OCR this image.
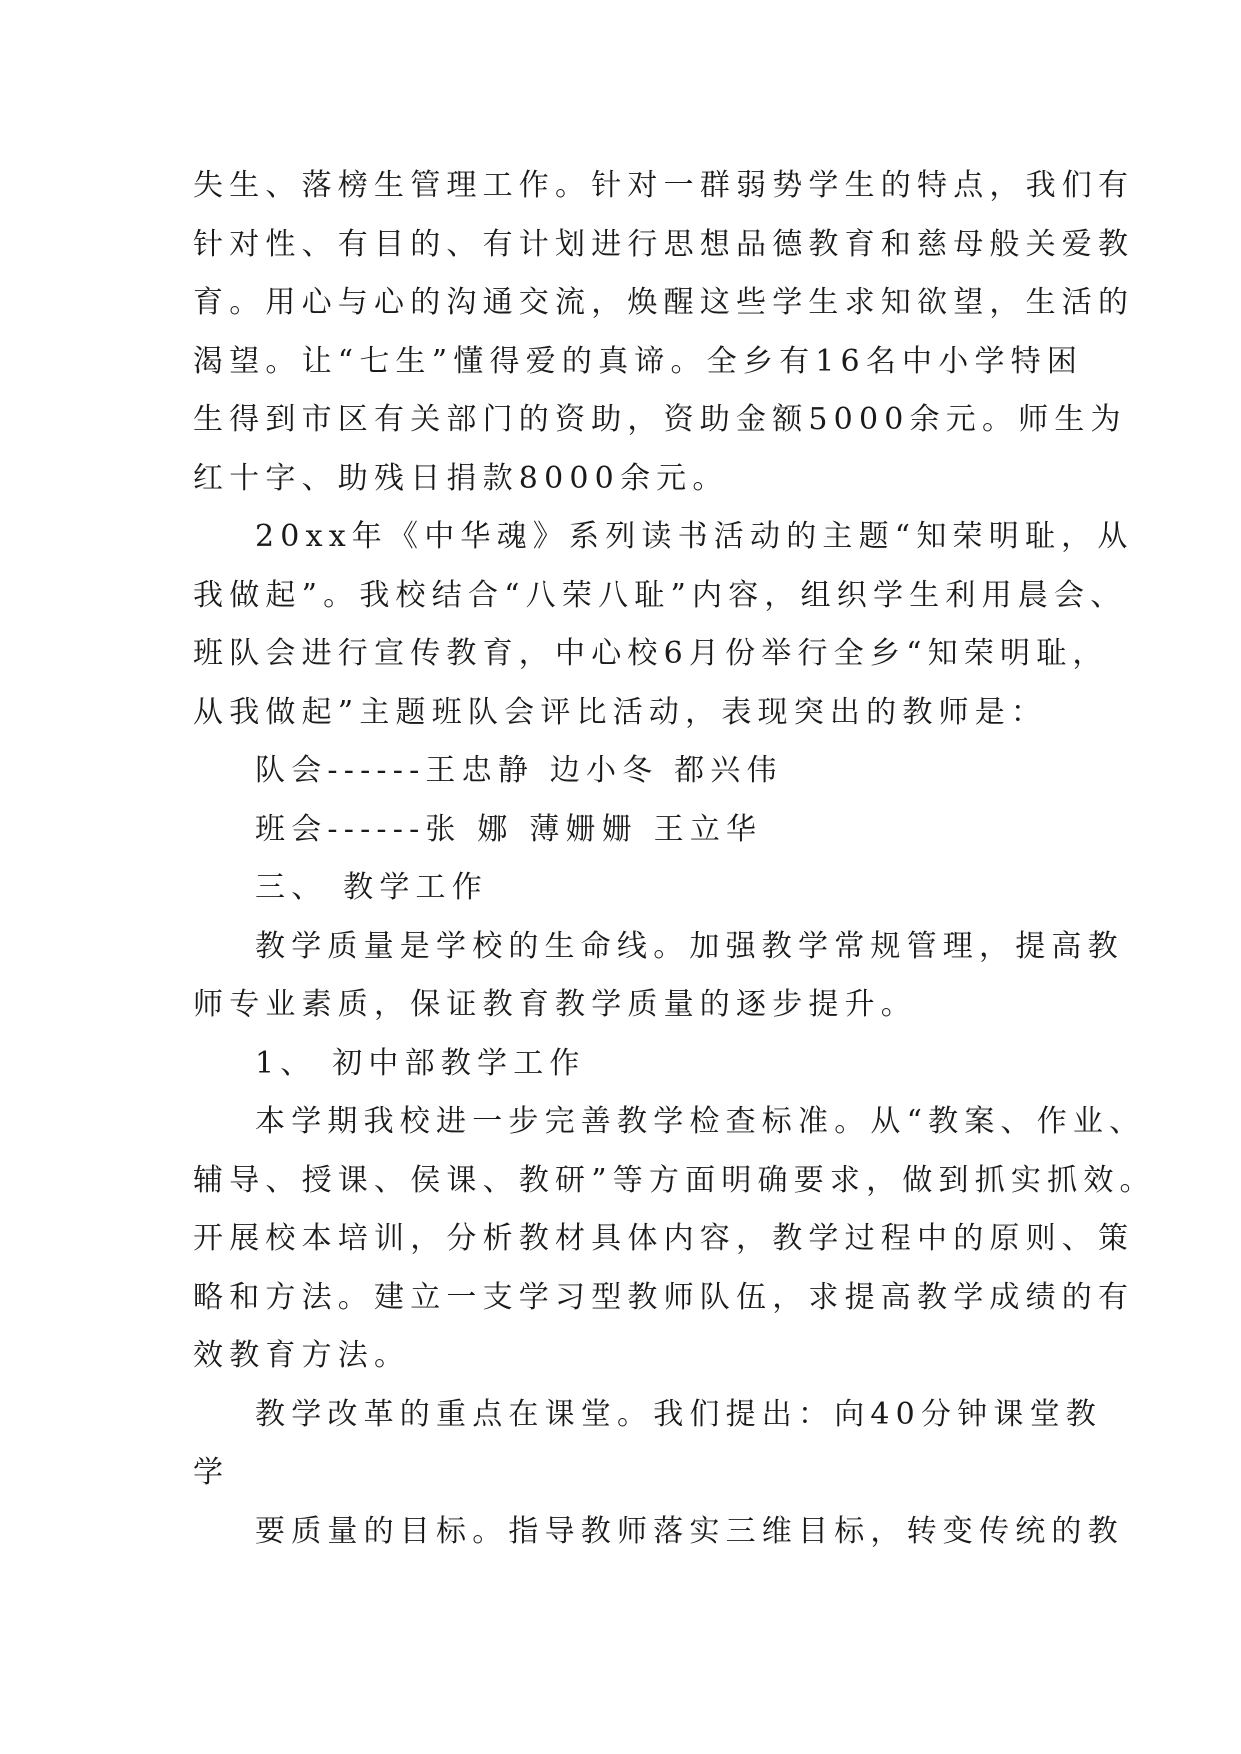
失生、落榜生管理工作。针对一群弱势学生的特点，我们有
针对性、有目的、有计划进行思想品德教育和慈母般关爱教
育。用心与心的沟通交流，焕醒这些学生求知欲望，生活的
渴望。让“七生”懂得爱的真谛。全乡有16名中小学特困
生得到市区有关部门的资助，资助金额5000余元。师生为
红十字、助残日捐款8000余元。
20xx年《中华魂》系列读书活动的主题“知荣明耻，从
我做起”。我校结合“八荣八耻”内容，组织学生利用晨会、
班队会进行宣传教育，中心校6月份举行全乡“知荣明耻，
从我做起”主题班队会评比活动，表现突出的教师是：
队会------王忠静 边小冬 都兴伟
班会------张 娜 薄姗姗 王立华
三、 教学工作
教学质量是学校的生命线。加强教学常规管理，提高教
师专业素质，保证教育教学质量的逐步提升。
1、 初中部教学工作
本学期我校进一步完善教学检查标准。从“教案、作业、
辅导、授课、侯课、教研”等方面明确要求，做到抓实抓效。
开展校本培训，分析教材具体内容，教学过程中的原则、策
略和方法。建立一支学习型教师队伍，求提高教学成绩的有
效教育方法。
教学改革的重点在课堂。我们提出：向40分钟课堂教
学
要质量的目标。指导教师落实三维目标，转变传统的教
